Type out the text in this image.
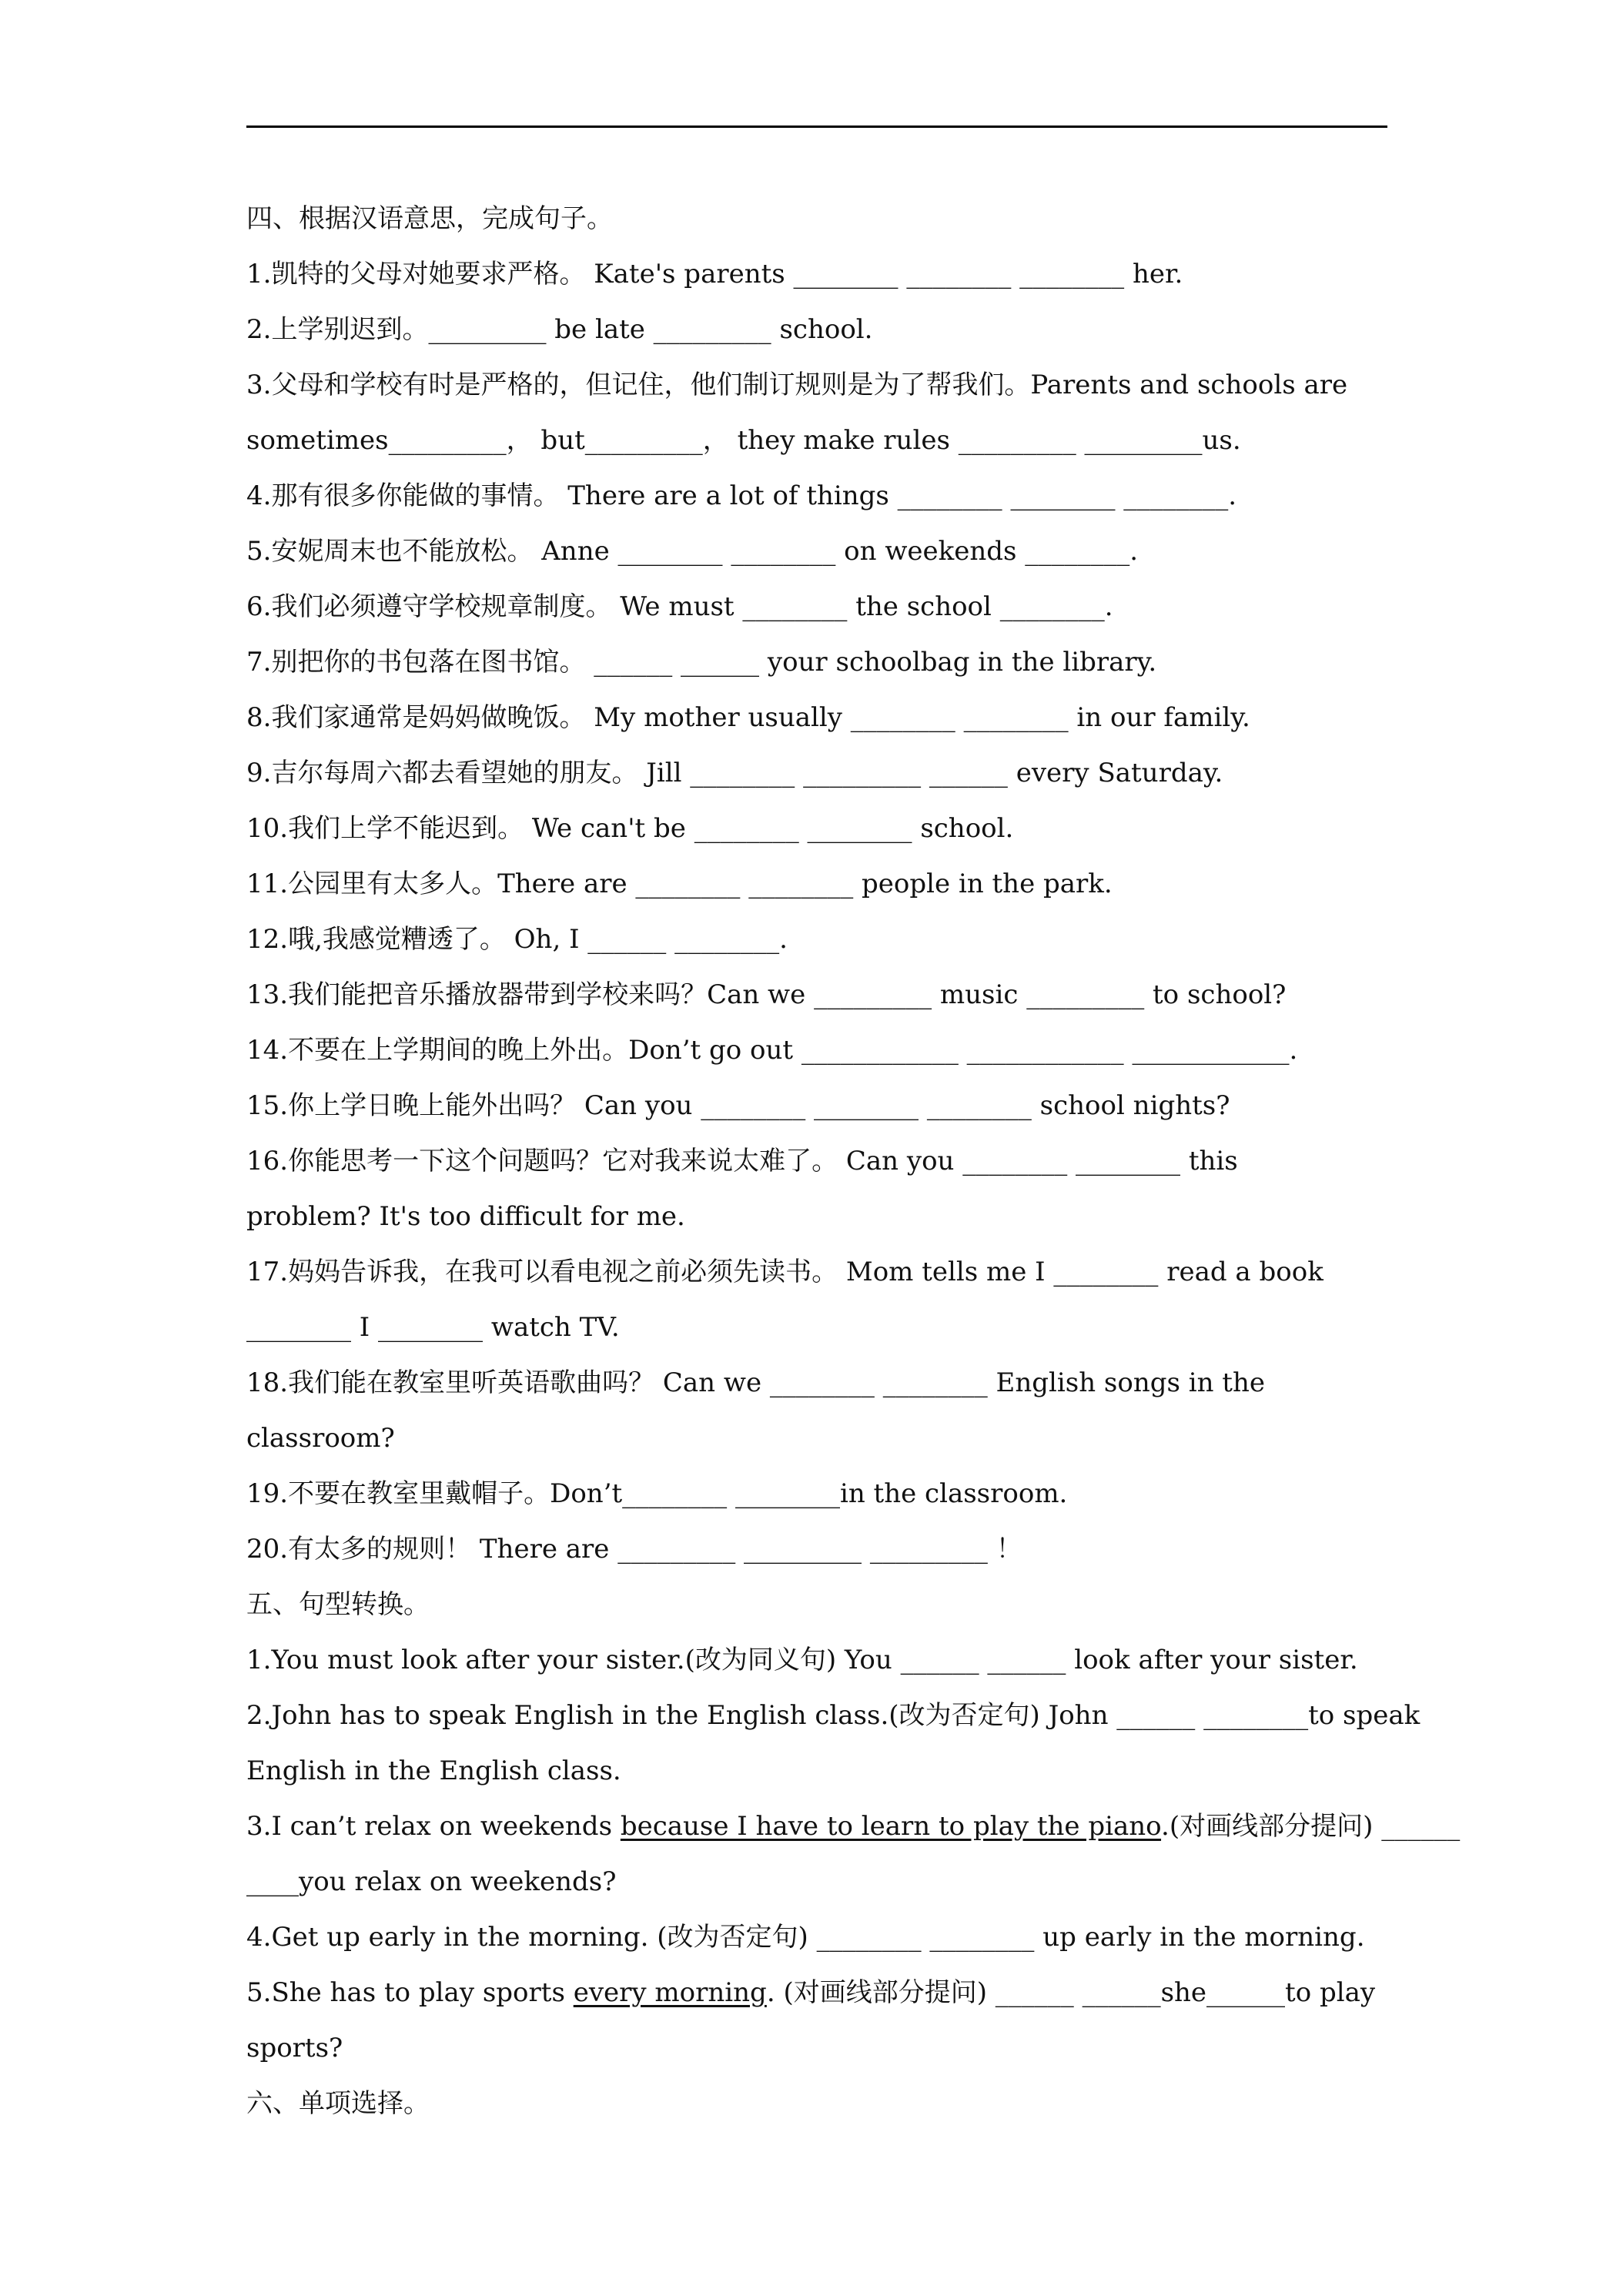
四、根据汉语意思，完成句子。

1.凯特的父母对她要求严格。 Kate's parents ________ ________ ________ her.

2.上学别迟到。_________ be late _________ school.

3.父母和学校有时是严格的，但记住，他们制订规则是为了帮我们。Parents and schools are

sometimes_________， but_________， they make rules _________ _________us.

4.那有很多你能做的事情。 There are a lot of things ________ ________ ________.

5.安妮周末也不能放松。 Anne ________ ________ on weekends ________.

6.我们必须遵守学校规章制度。 We must ________ the school ________.

7.别把你的书包落在图书馆。 ______ ______ your schoolbag in the library.

8.我们家通常是妈妈做晚饭。 My mother usually ________ ________ in our family.

9.吉尔每周六都去看望她的朋友。 Jill ________ _________ ______ every Saturday.

10.我们上学不能迟到。 We can't be ________ ________ school.

11.公园里有太多人。There are ________ ________ people in the park.

12.哦,我感觉糟透了。 Oh, I ______ ________.

13.我们能把音乐播放器带到学校来吗？Can we _________ music _________ to school?

14.不要在上学期间的晚上外出。Don’t go out ____________ ____________ ____________.

15.你上学日晚上能外出吗？ Can you ________ ________ ________ school nights?

16.你能思考一下这个问题吗？它对我来说太难了。 Can you ________ ________ this

problem? It's too difficult for me.

17.妈妈告诉我，在我可以看电视之前必须先读书。 Mom tells me I ________ read a book

________ I ________ watch TV.

18.我们能在教室里听英语歌曲吗？ Can we ________ ________ English songs in the

classroom?

19.不要在教室里戴帽子。Don’t________ ________in the classroom.

20.有太多的规则！ There are _________ _________ _________ ！

五、句型转换。

1.You must look after your sister.(改为同义句) You ______ ______ look after your sister.

2.John has to speak English in the English class.(改为否定句) John ______ ________to speak

English in the English class.

3.I can’t relax on weekends because I have to learn to play the piano.(对画线部分提问) ______

____you relax on weekends?

4.Get up early in the morning. (改为否定句) ________ ________ up early in the morning.

5.She has to play sports every morning. (对画线部分提问) ______ ______she______to play

sports?

六、单项选择。
